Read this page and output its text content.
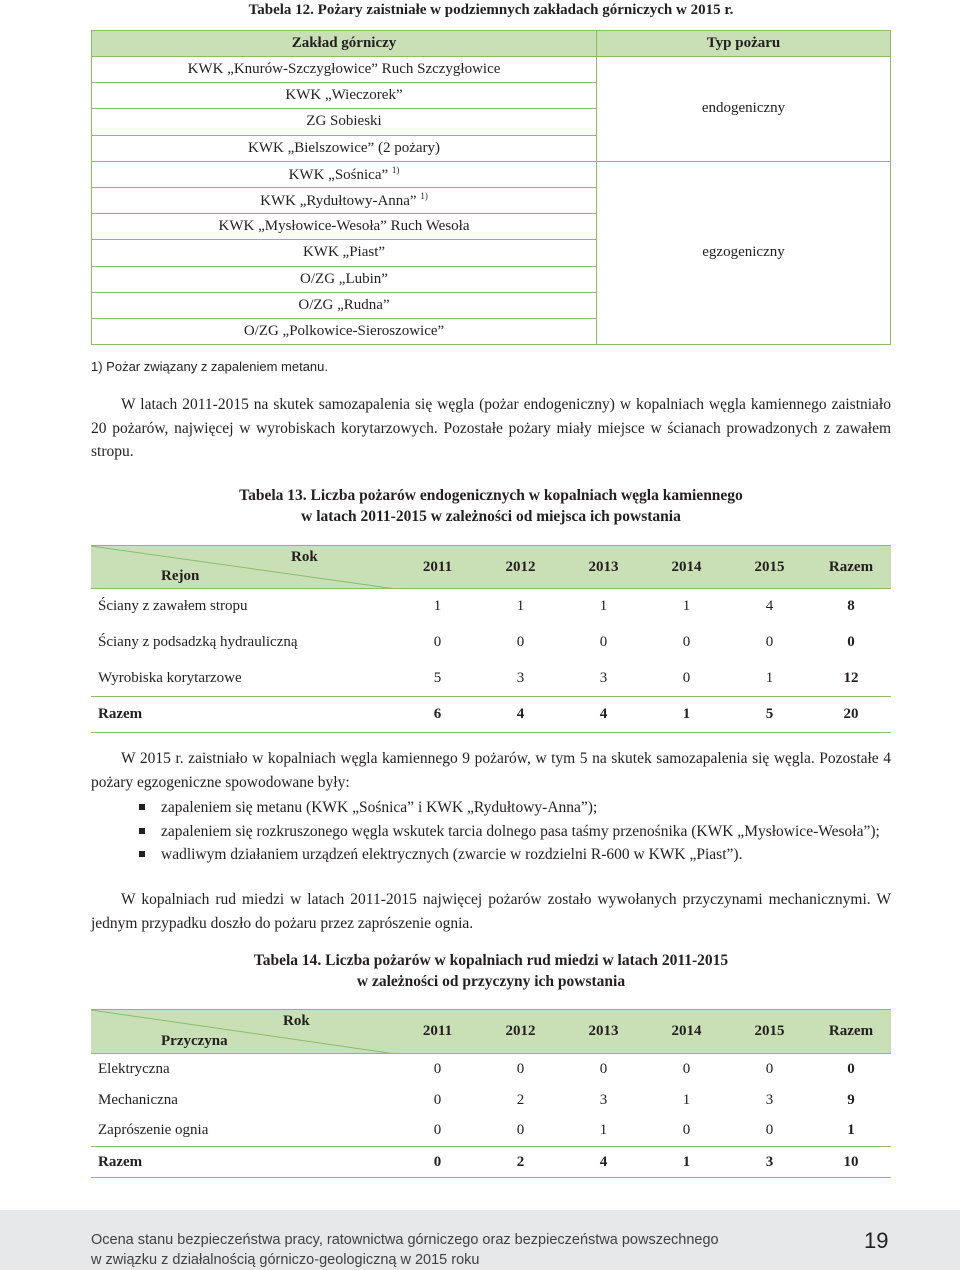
Tabela 12. Pożary zaistniałe w podziemnych zakładach górniczych w 2015 r.
Zakład górniczy	Typ pożaru
KWK „Knurów-Szczygłowice” Ruch Szczygłowice	endogeniczny
KWK „Wieczorek”	
ZG Sobieski	
KWK „Bielszowice” (2 pożary)	
KWK „Sośnica” $^{1)}$	egzogeniczny
KWK „Rydułtowy-Anna” $^{1)}$
KWK „Mysłowice-Wesoła” Ruch Wesoła	
KWK „Piast”	
O/ZG „Lubin”	
O/ZG „Rudna”	
O/ZG „Polkowice-Sieroszowice”	
1) Pożar związany z zapaleniem metanu.
W latach 2011-2015 na skutek samozapalenia się węgla (pożar endogeniczny) w kopalniach węgla kamiennego zaistniało 20 pożarów, najwięcej w wyrobiskach korytarzowych. Pozostałe pożary miały miejsce w ścianach prowadzonych z zawałem stropu.
Tabela 13. Liczba pożarów endogenicznych w kopalniach węgla kamiennego
w latach 2011-2015 w zależności od miejsca ich powstania
Rok
Rejon	2011	2012	2013	2014	2015	Razem
Ściany z zawałem stropu	1	1	1	1	4	8
Ściany z podsadzką hydrauliczną	0	0	0	0	0	0
Wyrobiska korytarzowe	5	3	3	0	1	12
Razem	6	4	4	1	5	20
W 2015 r. zaistniało w kopalniach węgla kamiennego 9 pożarów, w tym 5 na skutek samozapalenia się węgla. Pozostałe 4 pożary egzogeniczne spowodowane były:
zapaleniem się metanu (KWK „Sośnica” i KWK „Rydułtowy-Anna”);
zapaleniem się rozkruszonego węgla wskutek tarcia dolnego pasa taśmy przenośnika (KWK „Mysłowice-Wesoła”);
wadliwym działaniem urządzeń elektrycznych (zwarcie w rozdzielni R-600 w KWK „Piast”).
W kopalniach rud miedzi w latach 2011-2015 najwięcej pożarów zostało wywołanych przyczynami mechanicznymi. W jednym przypadku doszło do pożaru przez zaprószenie ognia.
Tabela 14. Liczba pożarów w kopalniach rud miedzi w latach 2011-2015
w zależności od przyczyny ich powstania
Rok
Przyczyna	2011	2012	2013	2014	2015	Razem
Elektryczna	0	0	0	0	0	0
Mechaniczna	0	2	3	1	3	9
Zaprószenie ognia	0	0	1	0	0	1
Razem	0	2	4	1	3	10
Ocena stanu bezpieczeństwa pracy, ratownictwa górniczego oraz bezpieczeństwa powszechnego
w związku z działalnością górniczo-geologiczną w 2015 roku
19
